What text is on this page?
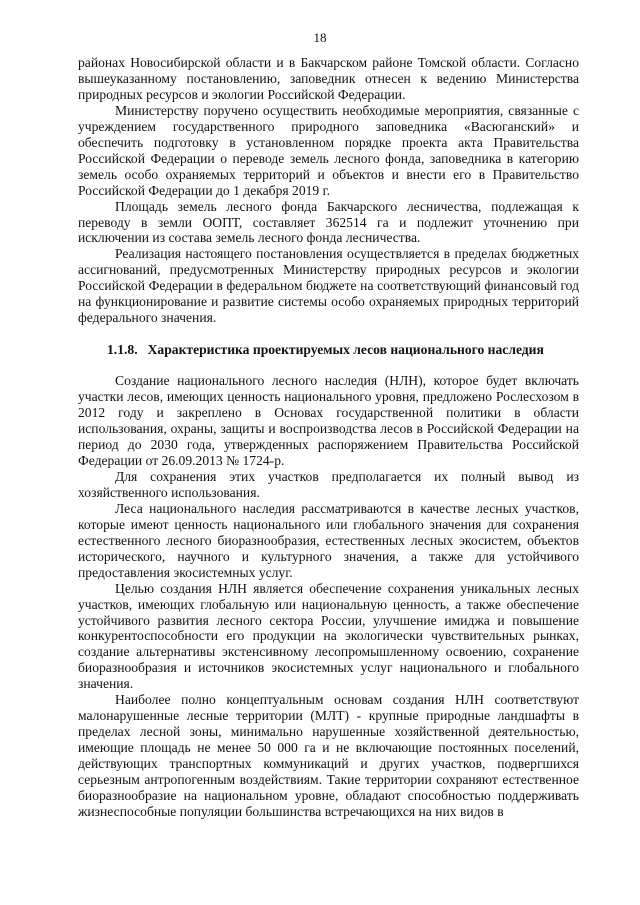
18

районах Новосибирской области и в Бакчарском районе Томской области. Согласно вышеуказанному постановлению, заповедник отнесен к ведению Министерства природных ресурсов и экологии Российской Федерации.

Министерству поручено осуществить необходимые мероприятия, связанные с учреждением государственного природного заповедника «Васюганский» и обеспечить подготовку в установленном порядке проекта акта Правительства Российской Федерации о переводе земель лесного фонда, заповедника в категорию земель особо охраняемых территорий и объектов и внести его в Правительство Российской Федерации до 1 декабря 2019 г.

Площадь земель лесного фонда Бакчарского лесничества, подлежащая к переводу в земли ООПТ, составляет 362514 га и подлежит уточнению при исключении из состава земель лесного фонда лесничества.

Реализация настоящего постановления осуществляется в пределах бюджетных ассигнований, предусмотренных Министерству природных ресурсов и экологии Российской Федерации в федеральном бюджете на соответствующий финансовый год на функционирование и развитие системы особо охраняемых природных территорий федерального значения.

1.1.8. Характеристика проектируемых лесов национального наследия

Создание национального лесного наследия (НЛН), которое будет включать участки лесов, имеющих ценность национального уровня, предложено Рослесхозом в 2012 году и закреплено в Основах государственной политики в области использования, охраны, защиты и воспроизводства лесов в Российской Федерации на период до 2030 года, утвержденных распоряжением Правительства Российской Федерации от 26.09.2013 № 1724-р.

Для сохранения этих участков предполагается их полный вывод из хозяйственного использования.

Леса национального наследия рассматриваются в качестве лесных участков, которые имеют ценность национального или глобального значения для сохранения естественного лесного биоразнообразия, естественных лесных экосистем, объектов исторического, научного и культурного значения, а также для устойчивого предоставления экосистемных услуг.

Целью создания НЛН является обеспечение сохранения уникальных лесных участков, имеющих глобальную или национальную ценность, а также обеспечение устойчивого развития лесного сектора России, улучшение имиджа и повышение конкурентоспособности его продукции на экологически чувствительных рынках, создание альтернативы экстенсивному лесопромышленному освоению, сохранение биоразнообразия и источников экосистемных услуг национального и глобального значения.

Наиболее полно концептуальным основам создания НЛН соответствуют малонарушенные лесные территории (МЛТ) - крупные природные ландшафты в пределах лесной зоны, минимально нарушенные хозяйственной деятельностью, имеющие площадь не менее 50 000 га и не включающие постоянных поселений, действующих транспортных коммуникаций и других участков, подвергшихся серьезным антропогенным воздействиям. Такие территории сохраняют естественное биоразнообразие на национальном уровне, обладают способностью поддерживать жизнеспособные популяции большинства встречающихся на них видов в
